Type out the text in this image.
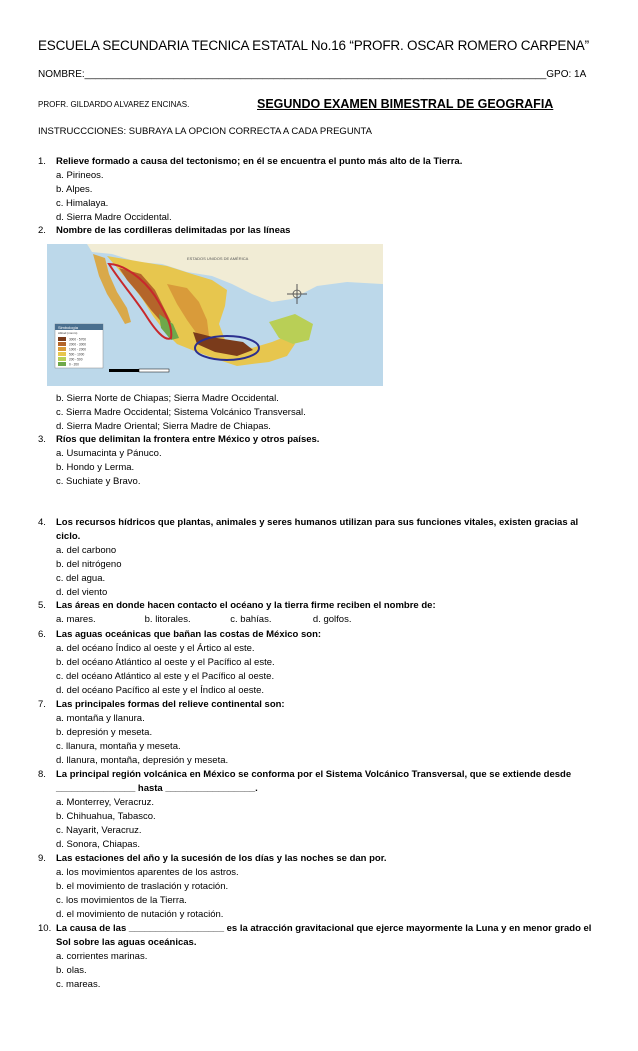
ESCUELA SECUNDARIA TECNICA ESTATAL No.16 “PROFR. OSCAR ROMERO CARPENA”
NOMBRE:___________________________________________________________________________________GPO: 1A
PROFR. GILDARDO ALVAREZ ENCINAS.	SEGUNDO EXAMEN BIMESTRAL DE GEOGRAFIA
INSTRUCCCIONES: SUBRAYA LA OPCION CORRECTA A CADA PREGUNTA
1. Relieve formado a causa del tectonismo; en él se encuentra el punto más alto de la Tierra.
a. Pirineos.
b. Alpes.
c. Himalaya.
d. Sierra Madre Occidental.
2. Nombre de las cordilleras delimitadas por las líneas
ESTADOS UNIDOS DE AMÉRICA
Simbología
Altitud (msnm)
3000 - 5700
2000 - 3000
1000 - 2000
500 - 1000
200 - 500
0 - 200
b. Sierra Norte de Chiapas; Sierra Madre Occidental.
c. Sierra Madre Occidental; Sistema Volcánico Transversal.
d. Sierra Madre Oriental; Sierra Madre de Chiapas.
3. Ríos que delimitan la frontera entre México y otros países.
a. Usumacinta y Pánuco.
b. Hondo y Lerma.
c. Suchiate y Bravo.
4. Los recursos hídricos que plantas, animales y seres humanos utilizan para sus funciones vitales, existen gracias al ciclo.
a. del carbono
b. del nitrógeno
c. del agua.
d. del viento
5. Las áreas en donde hacen contacto el océano y la tierra firme reciben el nombre de:
a. mares.	b. litorales.	c. bahías.	d. golfos.
6. Las aguas oceánicas que bañan las costas de México son:
a. del océano Índico al oeste y el Ártico al este.
b. del océano Atlántico al oeste y el Pacífico al este.
c. del océano Atlántico al este y el Pacífico al oeste.
d. del océano Pacífico al este y el Índico al oeste.
7. Las principales formas del relieve continental son:
a. montaña y llanura.
b. depresión y meseta.
c. llanura, montaña y meseta.
d. llanura, montaña, depresión y meseta.
8. La principal región volcánica en México se conforma por el Sistema Volcánico Transversal, que se extiende desde _______________ hasta _________________.
a. Monterrey, Veracruz.
b. Chihuahua, Tabasco.
c. Nayarit, Veracruz.
d. Sonora, Chiapas.
9. Las estaciones del año y la sucesión de los días y las noches se dan por.
a. los movimientos aparentes de los astros.
b. el movimiento de traslación y rotación.
c. los movimientos de la Tierra.
d. el movimiento de nutación y rotación.
10. La causa de las __________________ es la atracción gravitacional que ejerce mayormente la Luna y en menor grado el Sol sobre las aguas oceánicas.
a. corrientes marinas.
b. olas.
c. mareas.
